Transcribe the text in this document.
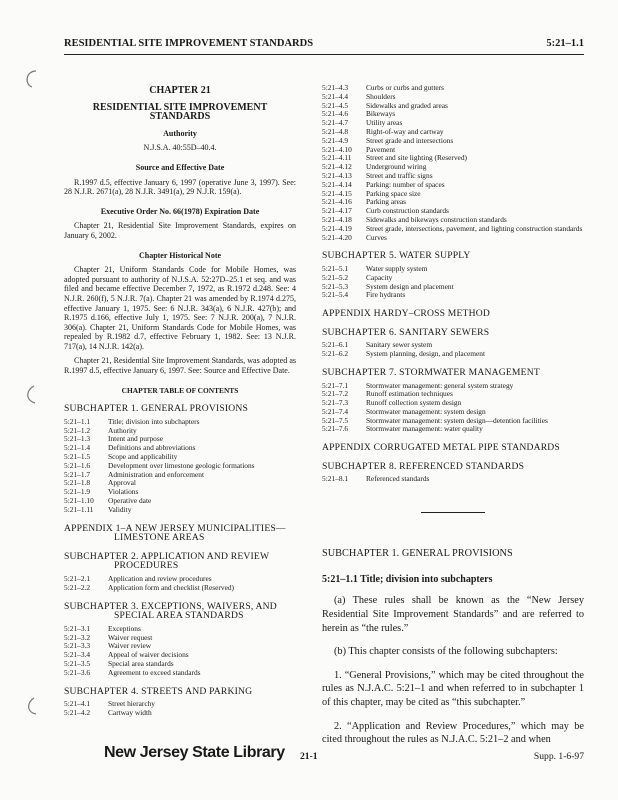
RESIDENTIAL SITE IMPROVEMENT STANDARDS	5:21–1.1
CHAPTER 21
RESIDENTIAL SITE IMPROVEMENT STANDARDS
Authority
N.J.S.A. 40:55D–40.4.
Source and Effective Date
R.1997 d.5, effective January 6, 1997 (operative June 3, 1997). See: 28 N.J.R. 2671(a), 28 N.J.R. 3491(a), 29 N.J.R. 159(a).
Executive Order No. 66(1978) Expiration Date
Chapter 21, Residential Site Improvement Standards, expires on January 6, 2002.
Chapter Historical Note
Chapter 21, Uniform Standards Code for Mobile Homes, was adopted pursuant to authority of N.J.S.A. 52:27D–25.1 et seq. and was filed and became effective December 7, 1972, as R.1972 d.248. See: 4 N.J.R. 260(f), 5 N.J.R. 7(a). Chapter 21 was amended by R.1974 d.275, effective January 1, 1975. See: 6 N.J.R. 343(a), 6 N.J.R. 427(b); and R.1975 d.166, effective July 1, 1975. See: 7 N.J.R. 200(a), 7 N.J.R. 306(a). Chapter 21, Uniform Standards Code for Mobile Homes, was repealed by R.1982 d.7, effective February 1, 1982. See: 13 N.J.R. 717(a), 14 N.J.R. 142(a).
Chapter 21, Residential Site Improvement Standards, was adopted as R.1997 d.5, effective January 6, 1997. See: Source and Effective Date.
CHAPTER TABLE OF CONTENTS
SUBCHAPTER 1. GENERAL PROVISIONS
5:21–1.1	Title; division into subchapters
5:21–1.2	Authority
5:21–1.3	Intent and purpose
5:21–1.4	Definitions and abbreviations
5:21–1.5	Scope and applicability
5:21–1.6	Development over limestone geologic formations
5:21–1.7	Administration and enforcement
5:21–1.8	Approval
5:21–1.9	Violations
5:21–1.10	Operative date
5:21–1.11	Validity
APPENDIX 1–A NEW JERSEY MUNICIPALITIES—
LIMESTONE AREAS
SUBCHAPTER 2. APPLICATION AND REVIEW
PROCEDURES
5:21–2.1	Application and review procedures
5:21–2.2	Application form and checklist (Reserved)
SUBCHAPTER 3. EXCEPTIONS, WAIVERS, AND
SPECIAL AREA STANDARDS
5:21–3.1	Exceptions
5:21–3.2	Waiver request
5:21–3.3	Waiver review
5:21–3.4	Appeal of waiver decisions
5:21–3.5	Special area standards
5:21–3.6	Agreement to exceed standards
SUBCHAPTER 4. STREETS AND PARKING
5:21–4.1	Street hierarchy
5:21–4.2	Cartway width
5:21–4.3	Curbs or curbs and gutters
5:21–4.4	Shoulders
5:21–4.5	Sidewalks and graded areas
5:21–4.6	Bikeways
5:21–4.7	Utility areas
5:21–4.8	Right-of-way and cartway
5:21–4.9	Street grade and intersections
5:21–4.10	Pavement
5:21–4.11	Street and site lighting (Reserved)
5:21–4.12	Underground wiring
5:21–4.13	Street and traffic signs
5:21–4.14	Parking: number of spaces
5:21–4.15	Parking space size
5:21–4.16	Parking areas
5:21–4.17	Curb construction standards
5:21–4.18	Sidewalks and bikeways construction standards
5:21–4.19	Street grade, intersections, pavement, and lighting construction standards
5:21–4.20	Curves
SUBCHAPTER 5. WATER SUPPLY
5:21–5.1	Water supply system
5:21–5.2	Capacity
5:21–5.3	System design and placement
5:21–5.4	Fire hydrants
APPENDIX HARDY–CROSS METHOD
SUBCHAPTER 6. SANITARY SEWERS
5:21–6.1	Sanitary sewer system
5:21–6.2	System planning, design, and placement
SUBCHAPTER 7. STORMWATER MANAGEMENT
5:21–7.1	Stormwater management: general system strategy
5:21–7.2	Runoff estimation techniques
5:21–7.3	Runoff collection system design
5:21–7.4	Stormwater management: system design
5:21–7.5	Stormwater management: system design—detention facilities
5:21–7.6	Stormwater management: water quality
APPENDIX CORRUGATED METAL PIPE STANDARDS
SUBCHAPTER 8. REFERENCED STANDARDS
5:21–8.1	Referenced standards

SUBCHAPTER 1. GENERAL PROVISIONS

5:21–1.1 Title; division into subchapters

(a) These rules shall be known as the “New Jersey Residential Site Improvement Standards” and are referred to herein as “the rules.”

(b) This chapter consists of the following subchapters:

1. “General Provisions,” which may be cited throughout the rules as N.J.A.C. 5:21–1 and when referred to in subchapter 1 of this chapter, may be cited as “this subchapter.”

2. “Application and Review Procedures,” which may be cited throughout the rules as N.J.A.C. 5:21–2 and when

New Jersey State Library 21-1	Supp. 1-6-97
